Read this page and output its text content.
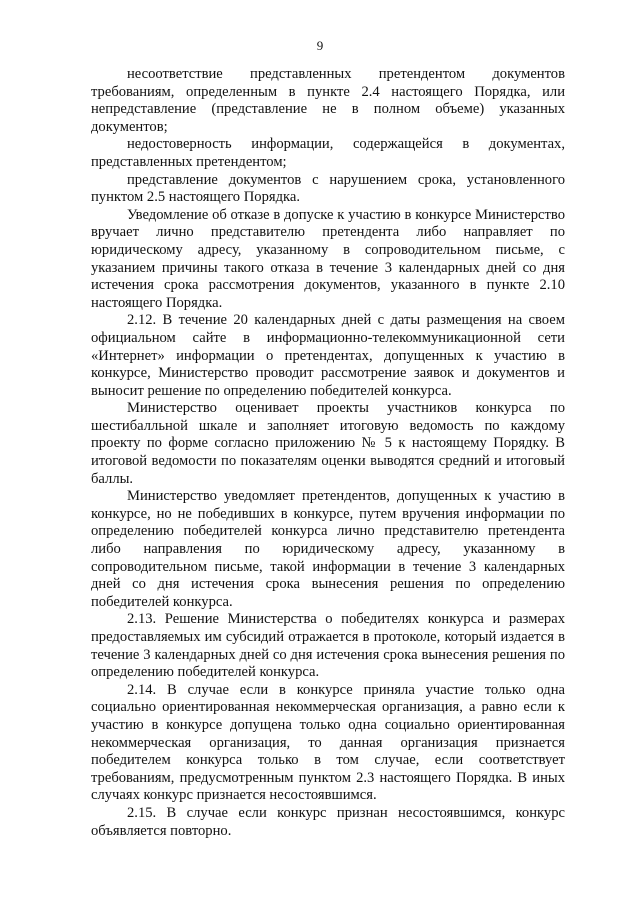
9

несоответствие представленных претендентом документов требованиям, определенным в пункте 2.4 настоящего Порядка, или непредставление (представление не в полном объеме) указанных документов;

недостоверность информации, содержащейся в документах, представленных претендентом;

представление документов с нарушением срока, установленного пунктом 2.5 настоящего Порядка.

Уведомление об отказе в допуске к участию в конкурсе Министерство вручает лично представителю претендента либо направляет по юридическому адресу, указанному в сопроводительном письме, с указанием причины такого отказа в течение 3 календарных дней со дня истечения срока рассмотрения документов, указанного в пункте 2.10 настоящего Порядка.

2.12. В течение 20 календарных дней с даты размещения на своем официальном сайте в информационно-телекоммуникационной сети «Интернет» информации о претендентах, допущенных к участию в конкурсе, Министерство проводит рассмотрение заявок и документов и выносит решение по определению победителей конкурса.

Министерство оценивает проекты участников конкурса по шестибалльной шкале и заполняет итоговую ведомость по каждому проекту по форме согласно приложению № 5 к настоящему Порядку. В итоговой ведомости по показателям оценки выводятся средний и итоговый баллы.

Министерство уведомляет претендентов, допущенных к участию в конкурсе, но не победивших в конкурсе, путем вручения информации по определению победителей конкурса лично представителю претендента либо направления по юридическому адресу, указанному в сопроводительном письме, такой информации в течение 3 календарных дней со дня истечения срока вынесения решения по определению победителей конкурса.

2.13. Решение Министерства о победителях конкурса и размерах предоставляемых им субсидий отражается в протоколе, который издается в течение 3 календарных дней со дня истечения срока вынесения решения по определению победителей конкурса.

2.14. В случае если в конкурсе приняла участие только одна социально ориентированная некоммерческая организация, а равно если к участию в конкурсе допущена только одна социально ориентированная некоммерческая организация, то данная организация признается победителем конкурса только в том случае, если соответствует требованиям, предусмотренным пунктом 2.3 настоящего Порядка. В иных случаях конкурс признается несостоявшимся.

2.15. В случае если конкурс признан несостоявшимся, конкурс объявляется повторно.
